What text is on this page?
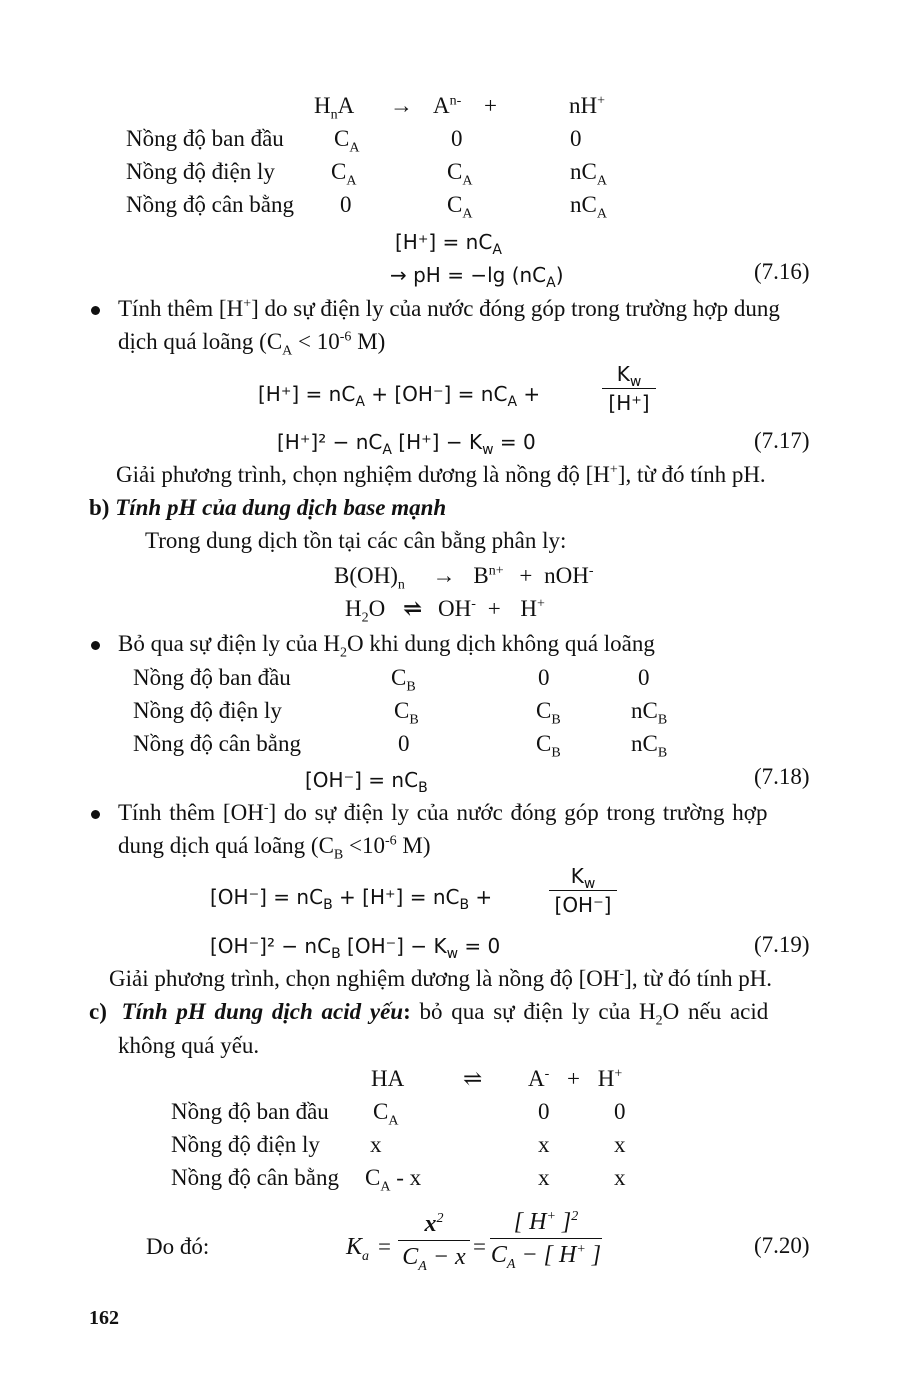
$H_nA \to A^{n-}$ +	nH+
Nồng độ ban đầu $C_A$	0	0
Nồng độ điện ly $C_A$	$C_A$	$nC_A$
Nồng độ cân bằng 0	$C_A$	$nC_A$
$[H^+] = nC_A$
→ pH = −lg $(nC_A)$	(7.16)
Tính thêm [H+] do sự điện ly của nước đóng góp trong trường hợp dung
dịch quá loãng ($C_A < 10^{-6}$ M)
$[H^+] = nC_A + [OH^-] = nC_A$ +
$K_w$
[H⁺]
$[H^+]^2 - nC_A$ $[H^+] - K_w = 0$	(7.17)
Giải phương trình, chọn nghiệm dương là nồng độ [H+], từ đó tính pH.
b) Tính pH của dung dịch base mạnh
Trong dung dịch tồn tại các cân bằng phân ly:
$B(OH)_n \to B^{n+} + nOH^-$
$H_2O$ ⇌ OH- + H+
Bỏ qua sự điện ly của $H_2O$ khi dung dịch không quá loãng
Nồng độ ban đầu	$C_B$	0	0
Nồng độ điện ly	$C_B$	$C_B$	$nC_B$
Nồng độ cân bằng	0	$C_B$	$nC_B$
$[OH^-] = nC_B$	(7.18)
Tính thêm [OH-] do sự điện ly của nước đóng góp trong trường hợp
dung dịch quá loãng ($C_B <10^{-6}$ M)
$[OH^-] = nC_B + [H^+] = nC_B$ +
$K_w$
[OH⁻]
$[OH^-]^2 - nC_B$ $[OH^-] - K_w = 0$	(7.19)
Giải phương trình, chọn nghiệm dương là nồng độ [OH-], từ đó tính pH.
c) Tính pH dung dịch acid yếu: bỏ qua sự điện ly của $H_2O$ nếu acid
không quá yếu.
HA	⇌ A- + H+
Nồng độ ban đầu $C_A$	0	0
Nồng độ điện ly x	x	x
Nồng độ cân bằng $C_A$ - x	x	x
Do đó:	$K_a$ =
$x^2$
$C_A - x$ =
[ H+ ]$^2$
$C_A$ − [ H+ ]	(7.20)
162
